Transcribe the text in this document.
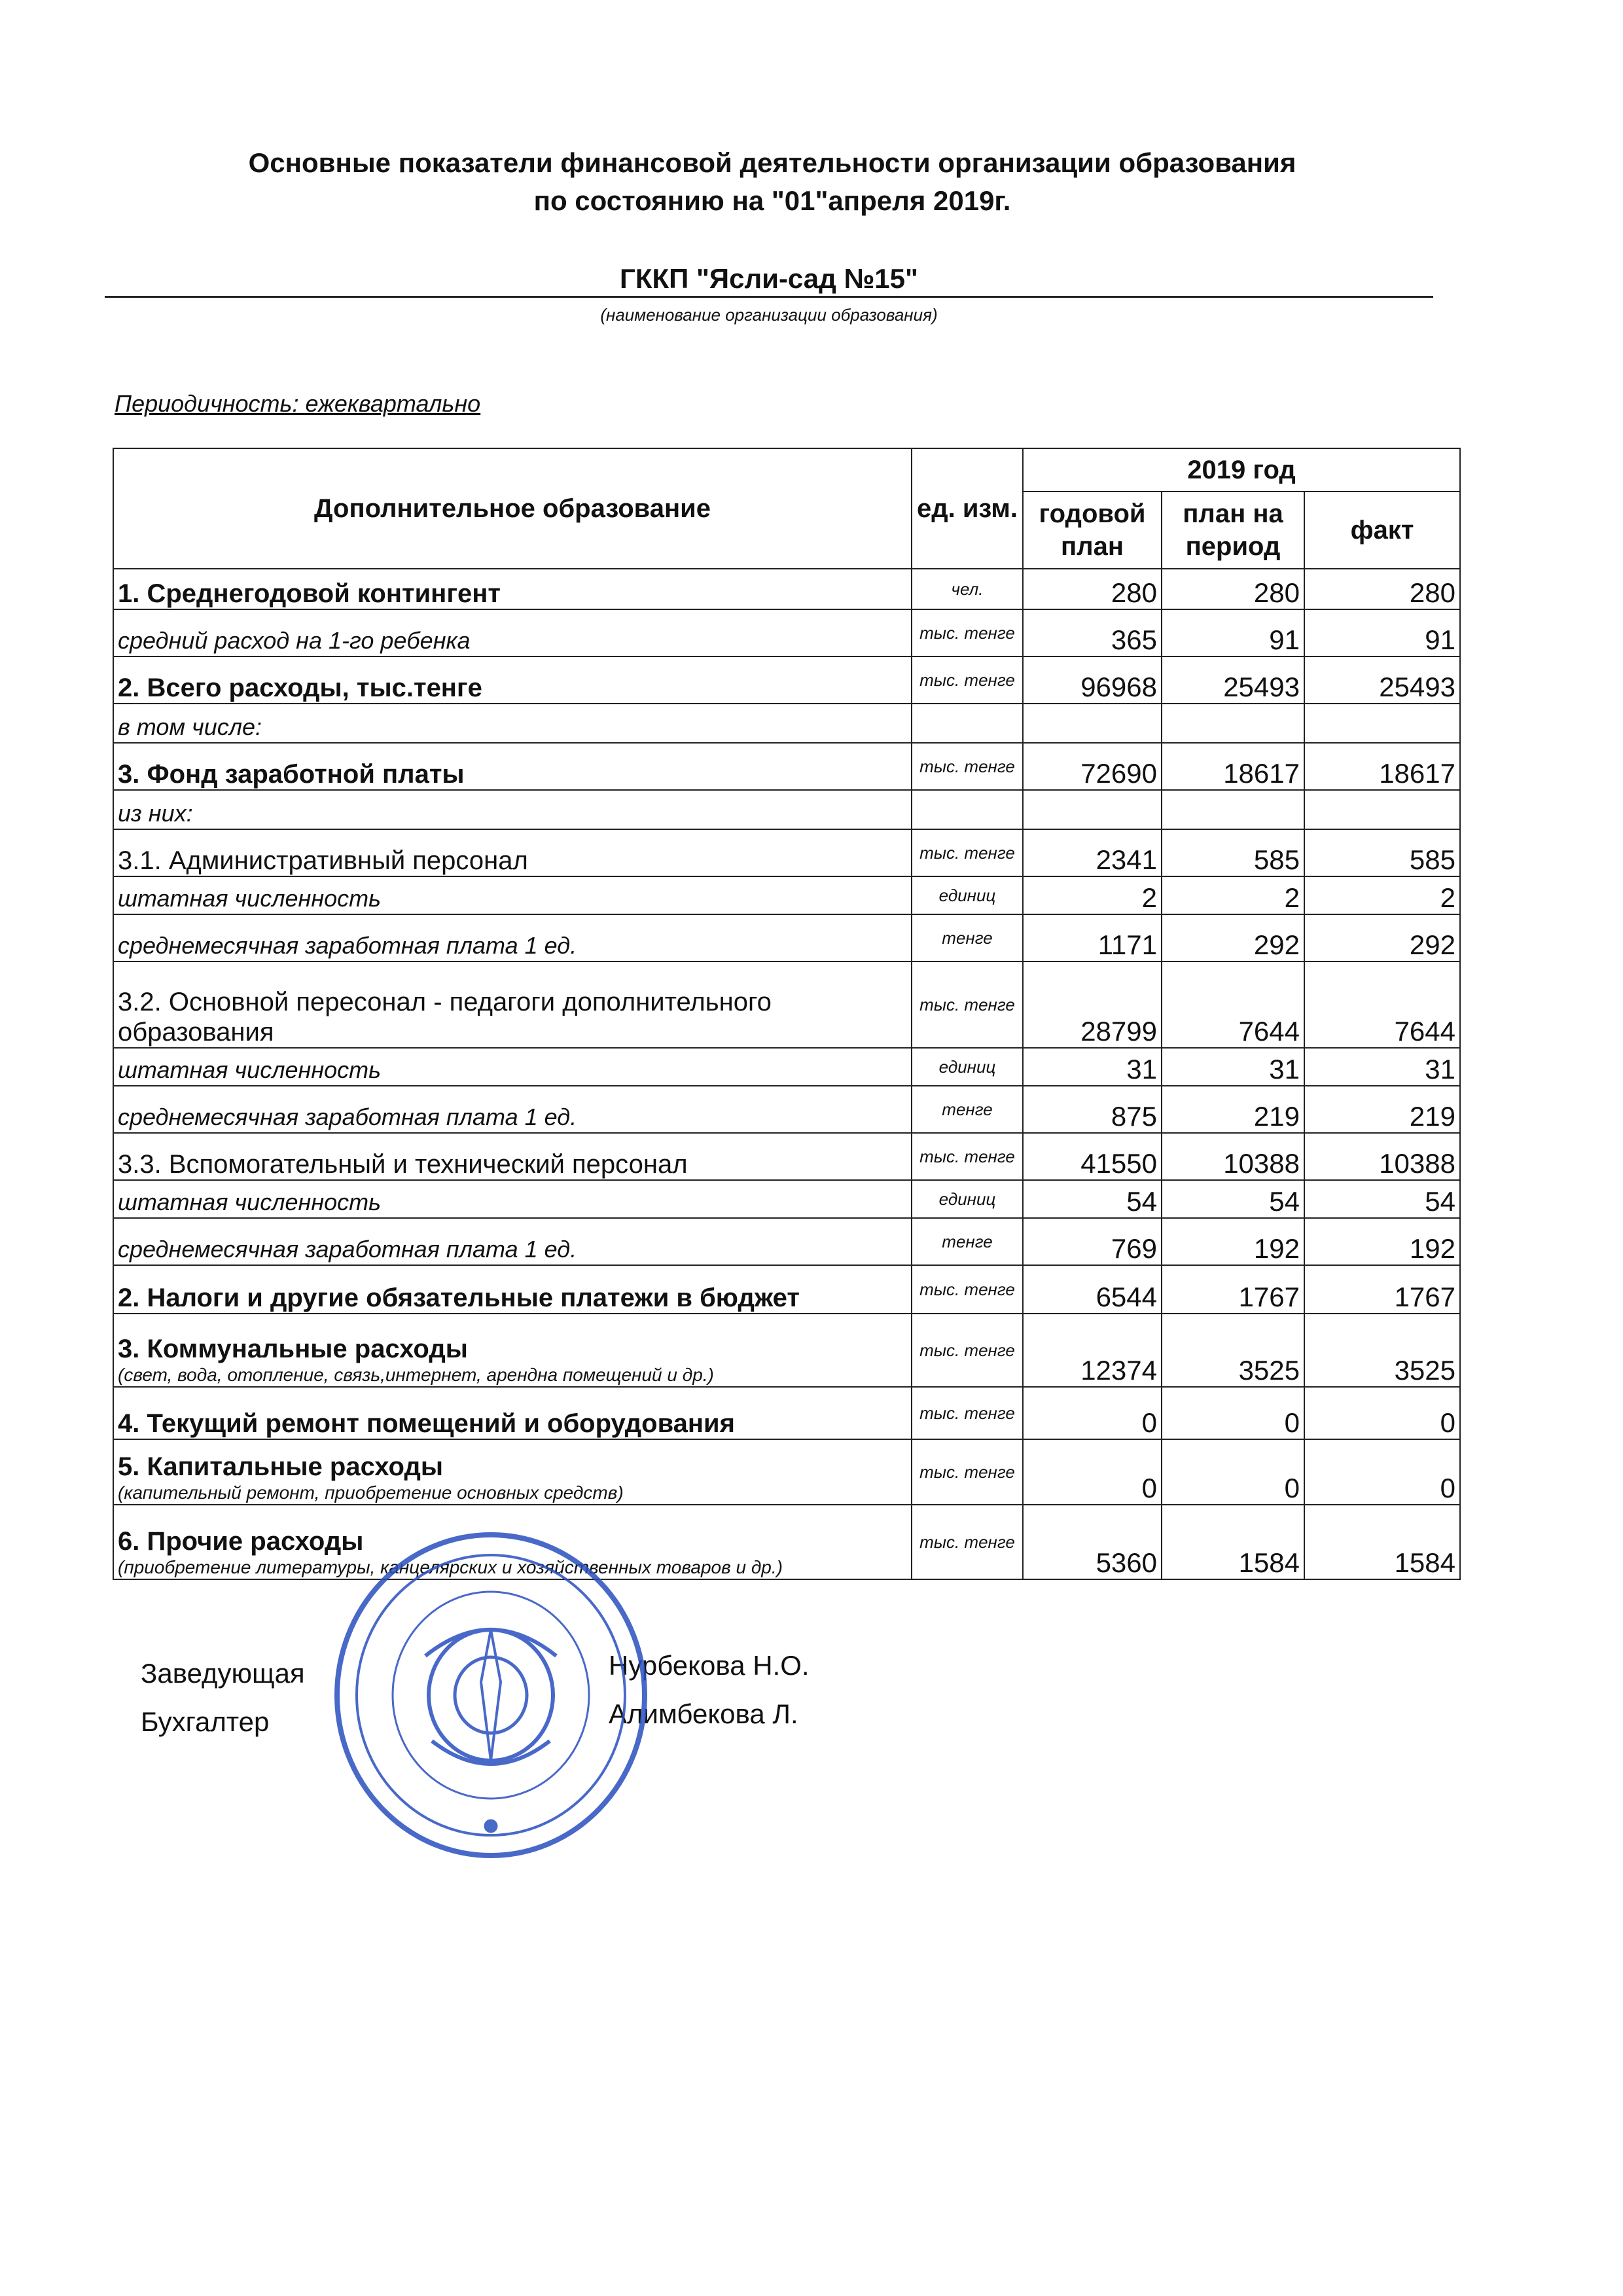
Основные показатели финансовой деятельности организации образования
по состоянию на "01"апреля 2019г.
ГККП "Ясли-сад №15"
(наименование организации образования)
Периодичность: ежеквартально
Дополнительное образование	ед. изм.	2019 год		
		годовой план	план на период	факт
1. Среднегодовой контингент	чел.	280	280	280
средний расход на 1-го ребенка	тыс. тенге	365	91	91
2. Всего расходы, тыс.тенге	тыс. тенге	96968	25493	25493
в том числе:				
3. Фонд заработной платы	тыс. тенге	72690	18617	18617
из них:				
3.1. Административный персонал	тыс. тенге	2341	585	585
штатная численность	единиц	2	2	2
среднемесячная заработная плата 1 ед.	тенге	1171	292	292
3.2. Основной пересонал - педагоги дополнительного образования	тыс. тенге	28799	7644	7644
штатная численность	единиц	31	31	31
среднемесячная заработная плата 1 ед.	тенге	875	219	219
3.3. Вспомогательный и технический персонал	тыс. тенге	41550	10388	10388
штатная численность	единиц	54	54	54
среднемесячная заработная плата 1 ед.	тенге	769	192	192
2. Налоги и другие обязательные платежи в бюджет	тыс. тенге	6544	1767	1767
3. Коммунальные расходы
(свет, вода, отопление, связь,интернет, арендна помещений и др.)	тыс. тенге	12374	3525	3525
4. Текущий ремонт помещений и оборудования	тыс. тенге	0	0	0
5. Капитальные расходы
(капительный ремонт, приобретение основных средств)	тыс. тенге	0	0	0
6. Прочие расходы
(приобретение литературы, канцелярских и хозяйственных товаров и др.)	тыс. тенге	5360	1584	1584
Заведующая
Бухгалтер
Нурбекова Н.О.
Алимбекова Л.
